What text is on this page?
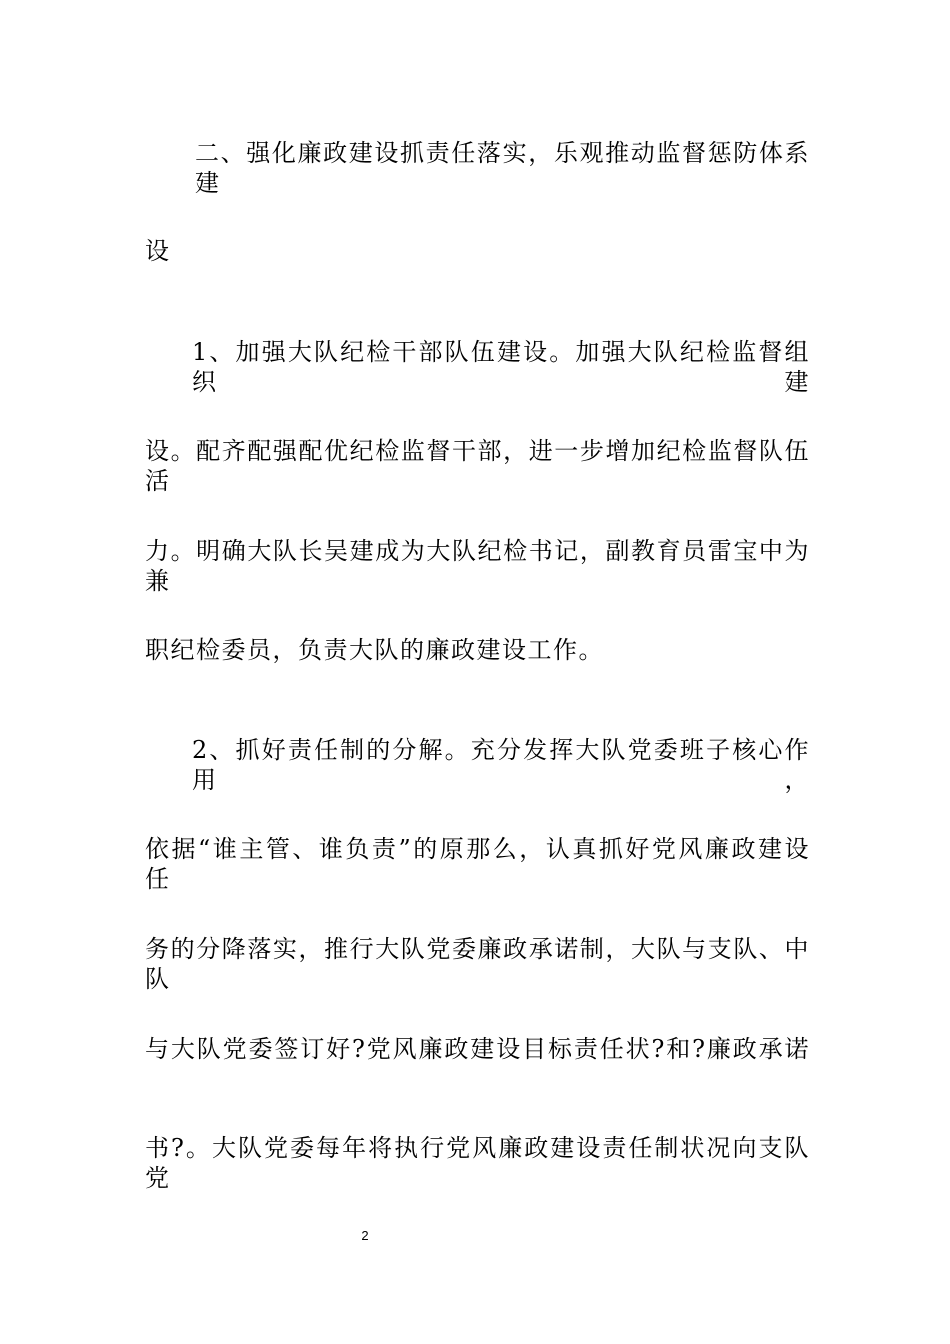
二、强化廉政建设抓责任落实，乐观推动监督惩防体系建
设
1、加强大队纪检干部队伍建设。加强大队纪检监督组织建
设。配齐配强配优纪检监督干部，进一步增加纪检监督队伍活
力。明确大队长吴建成为大队纪检书记，副教育员雷宝中为兼
职纪检委员，负责大队的廉政建设工作。
2、抓好责任制的分解。充分发挥大队党委班子核心作用，
依据“谁主管、谁负责”的原那么，认真抓好党风廉政建设任
务的分降落实，推行大队党委廉政承诺制，大队与支队、中队
与大队党委签订好?党风廉政建设目标责任状?和?廉政承诺
书?。大队党委每年将执行党风廉政建设责任制状况向支队党
2
